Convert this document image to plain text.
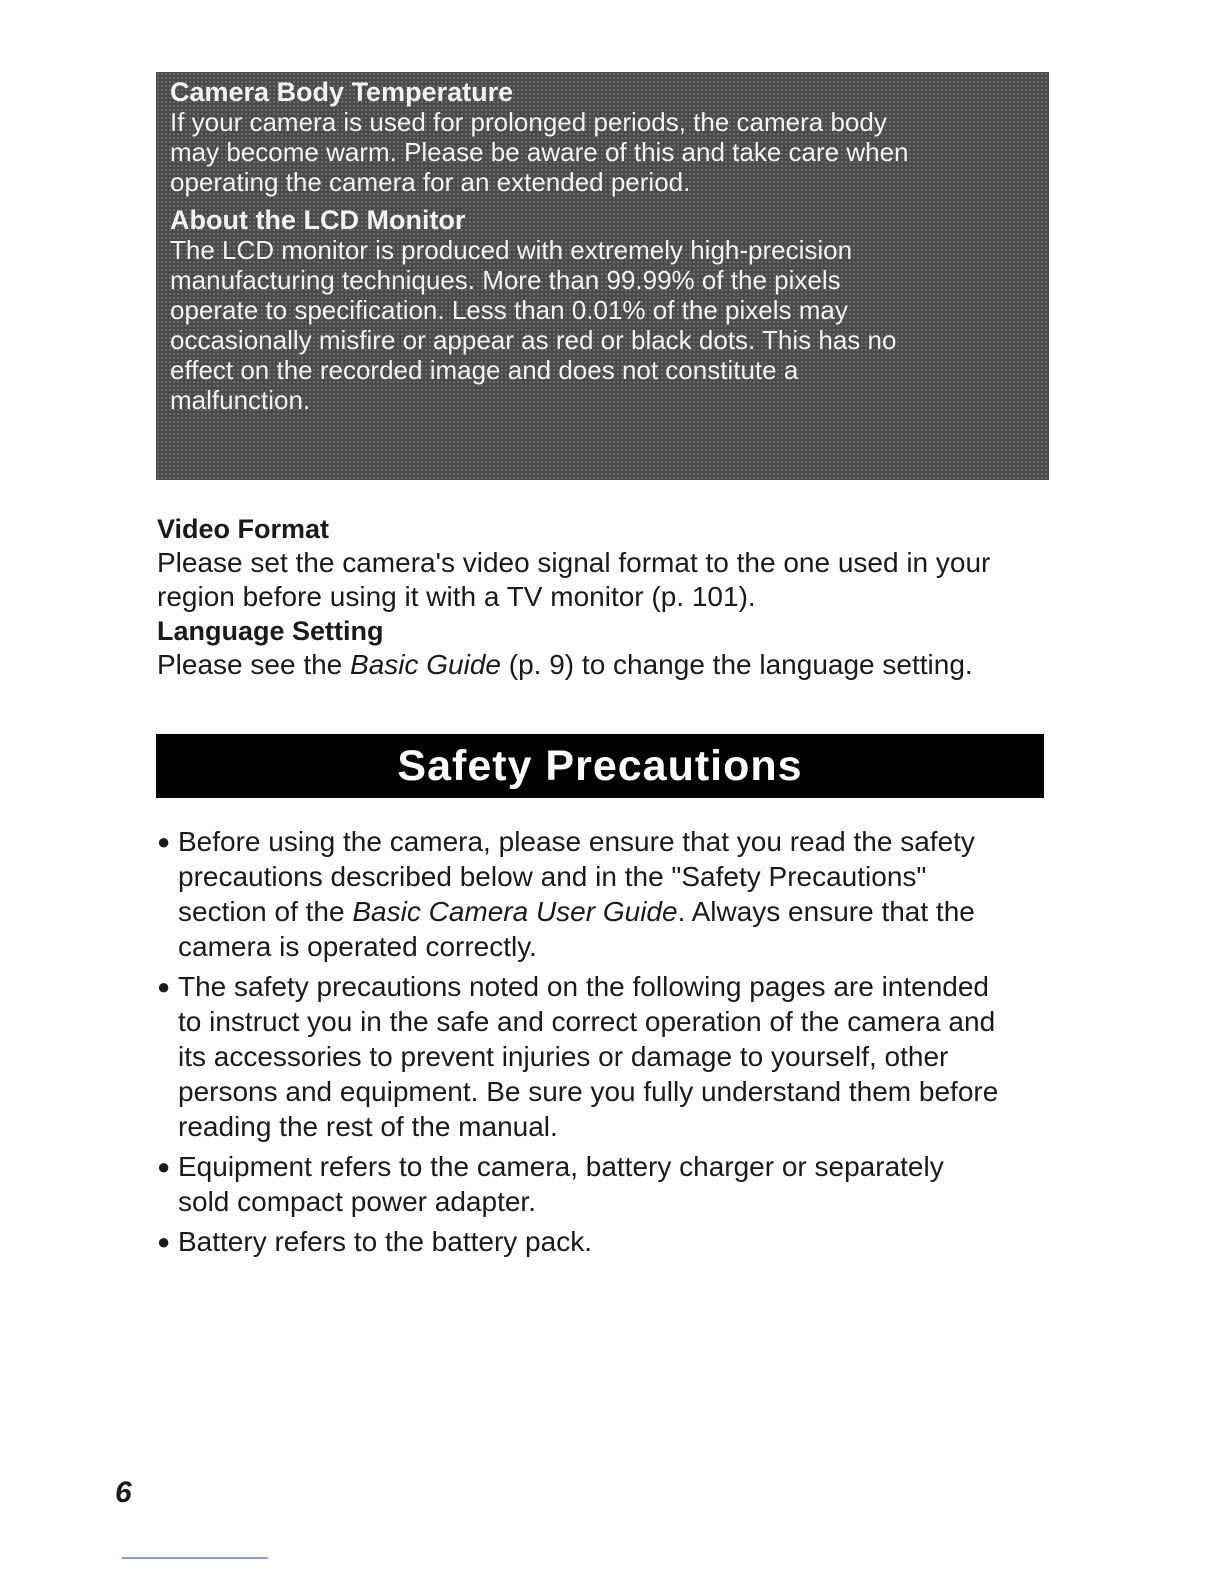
Camera Body Temperature

If your camera is used for prolonged periods, the camera body

may become warm. Please be aware of this and take care when

operating the camera for an extended period.

About the LCD Monitor

The LCD monitor is produced with extremely high-precision

manufacturing techniques. More than 99.99% of the pixels

operate to specification. Less than 0.01% of the pixels may

occasionally misfire or appear as red or black dots. This has no

effect on the recorded image and does not constitute a

malfunction.

Video Format

Please set the camera's video signal format to the one used in your

region before using it with a TV monitor (p. 101).

Language Setting

Please see the Basic Guide (p. 9) to change the language setting.

Safety Precautions
● Before using the camera, please ensure that you read the safety
precautions described below and in the "Safety Precautions"
section of the Basic Camera User Guide. Always ensure that the
camera is operated correctly.
● The safety precautions noted on the following pages are intended
to instruct you in the safe and correct operation of the camera and
its accessories to prevent injuries or damage to yourself, other
persons and equipment. Be sure you fully understand them before
reading the rest of the manual.
● Equipment refers to the camera, battery charger or separately
sold compact power adapter.
● Battery refers to the battery pack.
6
